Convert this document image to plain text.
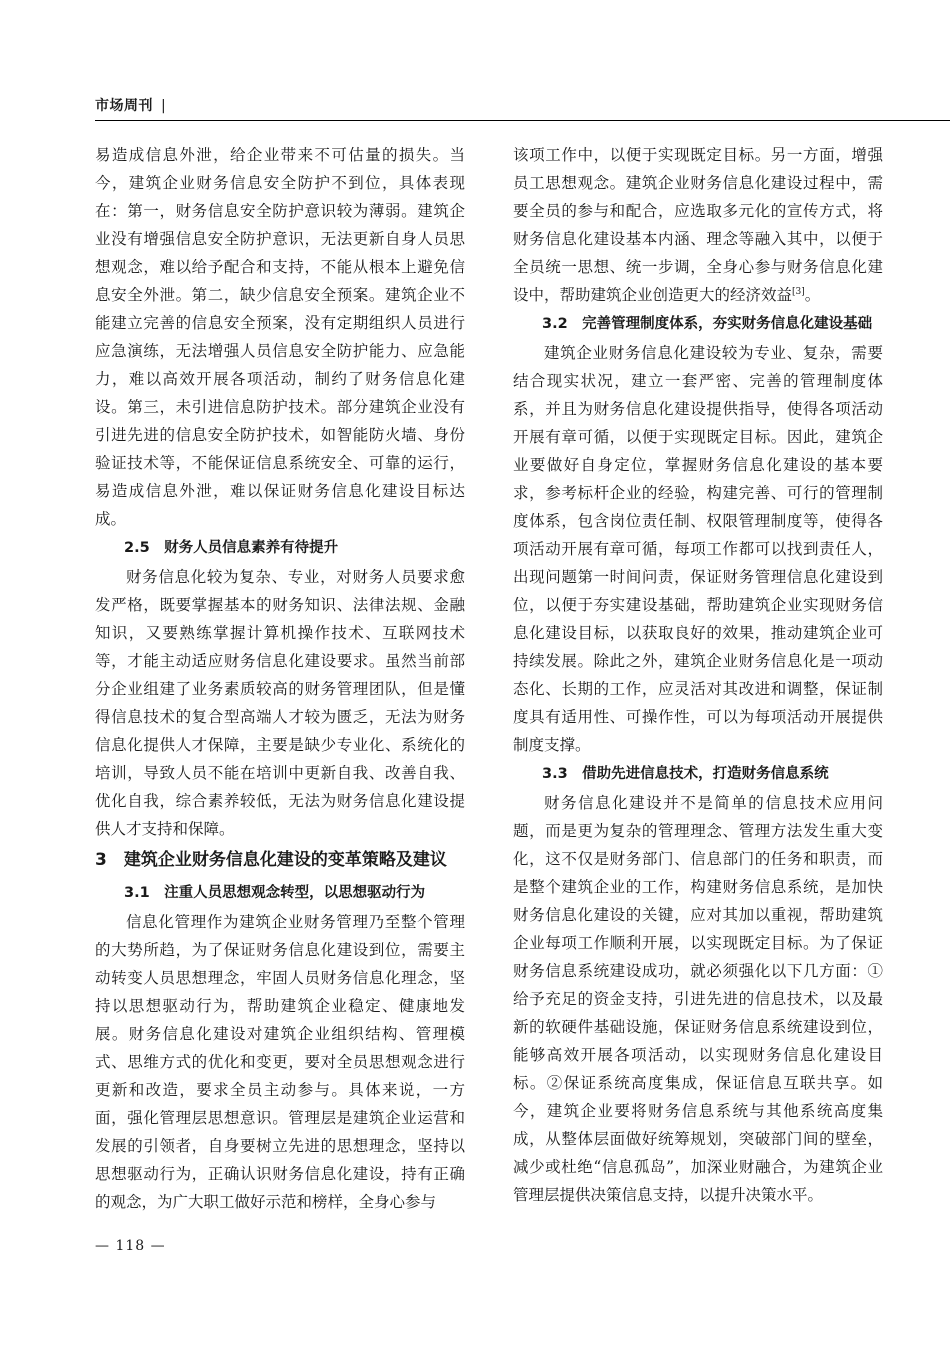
市场周刊 |

易造成信息外泄，给企业带来不可估量的损失。当今，建筑企业财务信息安全防护不到位，具体表现在：第一，财务信息安全防护意识较为薄弱。建筑企业没有增强信息安全防护意识，无法更新自身人员思想观念，难以给予配合和支持，不能从根本上避免信息安全外泄。第二，缺少信息安全预案。建筑企业不能建立完善的信息安全预案，没有定期组织人员进行应急演练，无法增强人员信息安全防护能力、应急能力，难以高效开展各项活动，制约了财务信息化建设。第三，未引进信息防护技术。部分建筑企业没有引进先进的信息安全防护技术，如智能防火墙、身份验证技术等，不能保证信息系统安全、可靠的运行，易造成信息外泄，难以保证财务信息化建设目标达成。

2.5　财务人员信息素养有待提升

财务信息化较为复杂、专业，对财务人员要求愈发严格，既要掌握基本的财务知识、法律法规、金融知识，又要熟练掌握计算机操作技术、互联网技术等，才能主动适应财务信息化建设要求。虽然当前部分企业组建了业务素质较高的财务管理团队，但是懂得信息技术的复合型高端人才较为匮乏，无法为财务信息化提供人才保障，主要是缺少专业化、系统化的培训，导致人员不能在培训中更新自我、改善自我、优化自我，综合素养较低，无法为财务信息化建设提供人才支持和保障。

3　建筑企业财务信息化建设的变革策略及建议
3.1　注重人员思想观念转型，以思想驱动行为

信息化管理作为建筑企业财务管理乃至整个管理的大势所趋，为了保证财务信息化建设到位，需要主动转变人员思想理念，牢固人员财务信息化理念，坚持以思想驱动行为，帮助建筑企业稳定、健康地发展。财务信息化建设对建筑企业组织结构、管理模式、思维方式的优化和变更，要对全员思想观念进行更新和改造，要求全员主动参与。具体来说，一方面，强化管理层思想意识。管理层是建筑企业运营和发展的引领者，自身要树立先进的思想理念，坚持以思想驱动行为，正确认识财务信息化建设，持有正确的观念，为广大职工做好示范和榜样，全身心参与

该项工作中，以便于实现既定目标。另一方面，增强员工思想观念。建筑企业财务信息化建设过程中，需要全员的参与和配合，应选取多元化的宣传方式，将财务信息化建设基本内涵、理念等融入其中，以便于全员统一思想、统一步调，全身心参与财务信息化建设中，帮助建筑企业创造更大的经济效益[3]。

3.2　完善管理制度体系，夯实财务信息化建设基础

建筑企业财务信息化建设较为专业、复杂，需要结合现实状况，建立一套严密、完善的管理制度体系，并且为财务信息化建设提供指导，使得各项活动开展有章可循，以便于实现既定目标。因此，建筑企业要做好自身定位，掌握财务信息化建设的基本要求，参考标杆企业的经验，构建完善、可行的管理制度体系，包含岗位责任制、权限管理制度等，使得各项活动开展有章可循，每项工作都可以找到责任人，出现问题第一时间问责，保证财务管理信息化建设到位，以便于夯实建设基础，帮助建筑企业实现财务信息化建设目标，以获取良好的效果，推动建筑企业可持续发展。除此之外，建筑企业财务信息化是一项动态化、长期的工作，应灵活对其改进和调整，保证制度具有适用性、可操作性，可以为每项活动开展提供制度支撑。

3.3　借助先进信息技术，打造财务信息系统

财务信息化建设并不是简单的信息技术应用问题，而是更为复杂的管理理念、管理方法发生重大变化，这不仅是财务部门、信息部门的任务和职责，而是整个建筑企业的工作，构建财务信息系统，是加快财务信息化建设的关键，应对其加以重视，帮助建筑企业每项工作顺利开展，以实现既定目标。为了保证财务信息系统建设成功，就必须强化以下几方面：①给予充足的资金支持，引进先进的信息技术，以及最新的软硬件基础设施，保证财务信息系统建设到位，能够高效开展各项活动，以实现财务信息化建设目标。②保证系统高度集成，保证信息互联共享。如今，建筑企业要将财务信息系统与其他系统高度集成，从整体层面做好统筹规划，突破部门间的壁垒，减少或杜绝“信息孤岛”，加深业财融合，为建筑企业管理层提供决策信息支持，以提升决策水平。

— 118 —
